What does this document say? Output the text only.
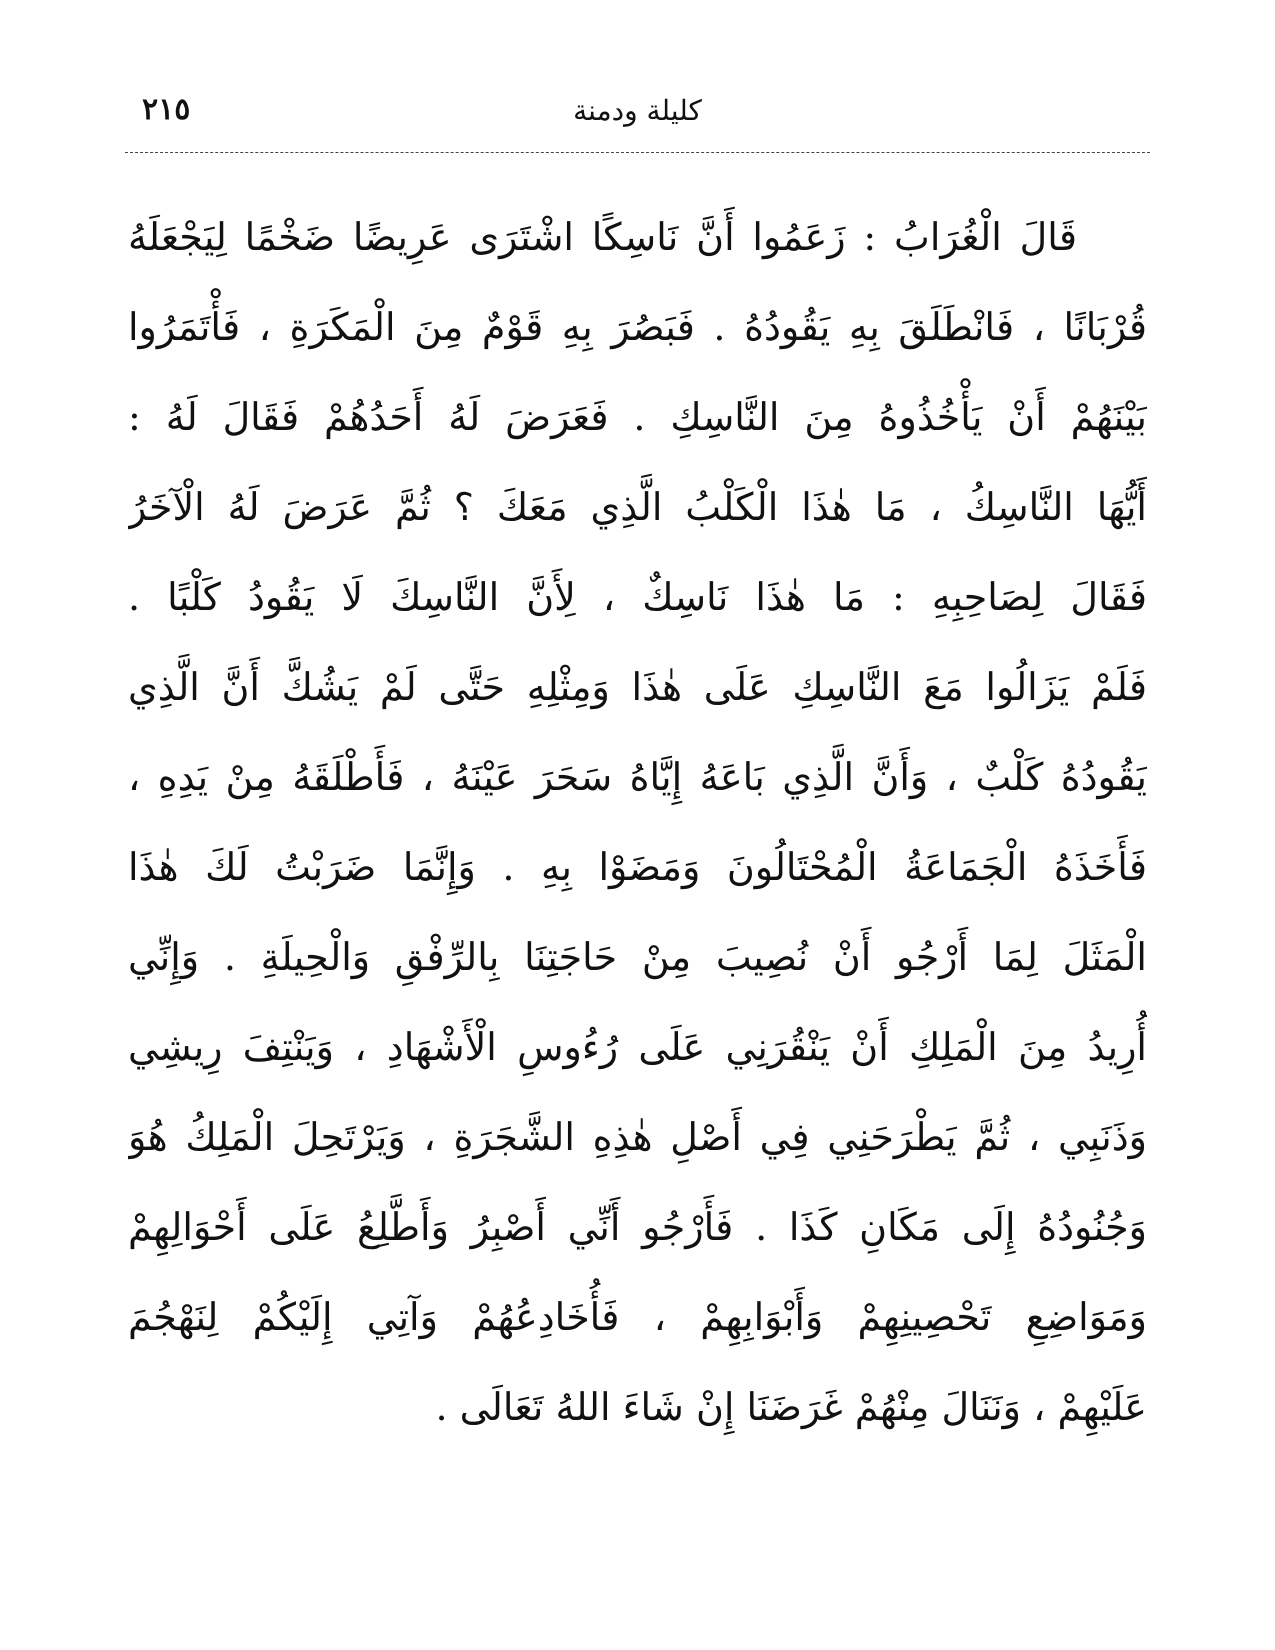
٢١٥	كليلة ودمنة
قَالَ الْغُرَابُ : زَعَمُوا أَنَّ نَاسِكًا اشْتَرَى عَرِيضًا ضَخْمًا لِيَجْعَلَهُ
قُرْبَانًا ، فَانْطَلَقَ بِهِ يَقُودُهُ . فَبَصُرَ بِهِ قَوْمٌ مِنَ الْمَكَرَةِ ، فَأْتَمَرُوا
بَيْنَهُمْ أَنْ يَأْخُذُوهُ مِنَ النَّاسِكِ . فَعَرَضَ لَهُ أَحَدُهُمْ فَقَالَ لَهُ :
أَيُّهَا النَّاسِكُ ، مَا هٰذَا الْكَلْبُ الَّذِي مَعَكَ ؟ ثُمَّ عَرَضَ لَهُ الْآخَرُ
فَقَالَ لِصَاحِبِهِ : مَا هٰذَا نَاسِكٌ ، لِأَنَّ النَّاسِكَ لَا يَقُودُ كَلْبًا .
فَلَمْ يَزَالُوا مَعَ النَّاسِكِ عَلَى هٰذَا وَمِثْلِهِ حَتَّى لَمْ يَشُكَّ أَنَّ الَّذِي
يَقُودُهُ كَلْبٌ ، وَأَنَّ الَّذِي بَاعَهُ إِيَّاهُ سَحَرَ عَيْنَهُ ، فَأَطْلَقَهُ مِنْ يَدِهِ ،
فَأَخَذَهُ الْجَمَاعَةُ الْمُحْتَالُونَ وَمَضَوْا بِهِ . وَإِنَّمَا ضَرَبْتُ لَكَ هٰذَا
الْمَثَلَ لِمَا أَرْجُو أَنْ نُصِيبَ مِنْ حَاجَتِنَا بِالرِّفْقِ وَالْحِيلَةِ . وَإِنِّي
أُرِيدُ مِنَ الْمَلِكِ أَنْ يَنْقُرَنِي عَلَى رُءُوسِ الْأَشْهَادِ ، وَيَنْتِفَ رِيشِي
وَذَنَبِي ، ثُمَّ يَطْرَحَنِي فِي أَصْلِ هٰذِهِ الشَّجَرَةِ ، وَيَرْتَحِلَ الْمَلِكُ هُوَ
وَجُنُودُهُ إِلَى مَكَانِ كَذَا . فَأَرْجُو أَنِّي أَصْبِرُ وَأَطَّلِعُ عَلَى أَحْوَالِهِمْ
وَمَوَاضِعِ تَحْصِينِهِمْ وَأَبْوَابِهِمْ ، فَأُخَادِعُهُمْ وَآتِي إِلَيْكُمْ لِنَهْجُمَ
عَلَيْهِمْ ، وَنَنَالَ مِنْهُمْ غَرَضَنَا إِنْ شَاءَ اللهُ تَعَالَى .
